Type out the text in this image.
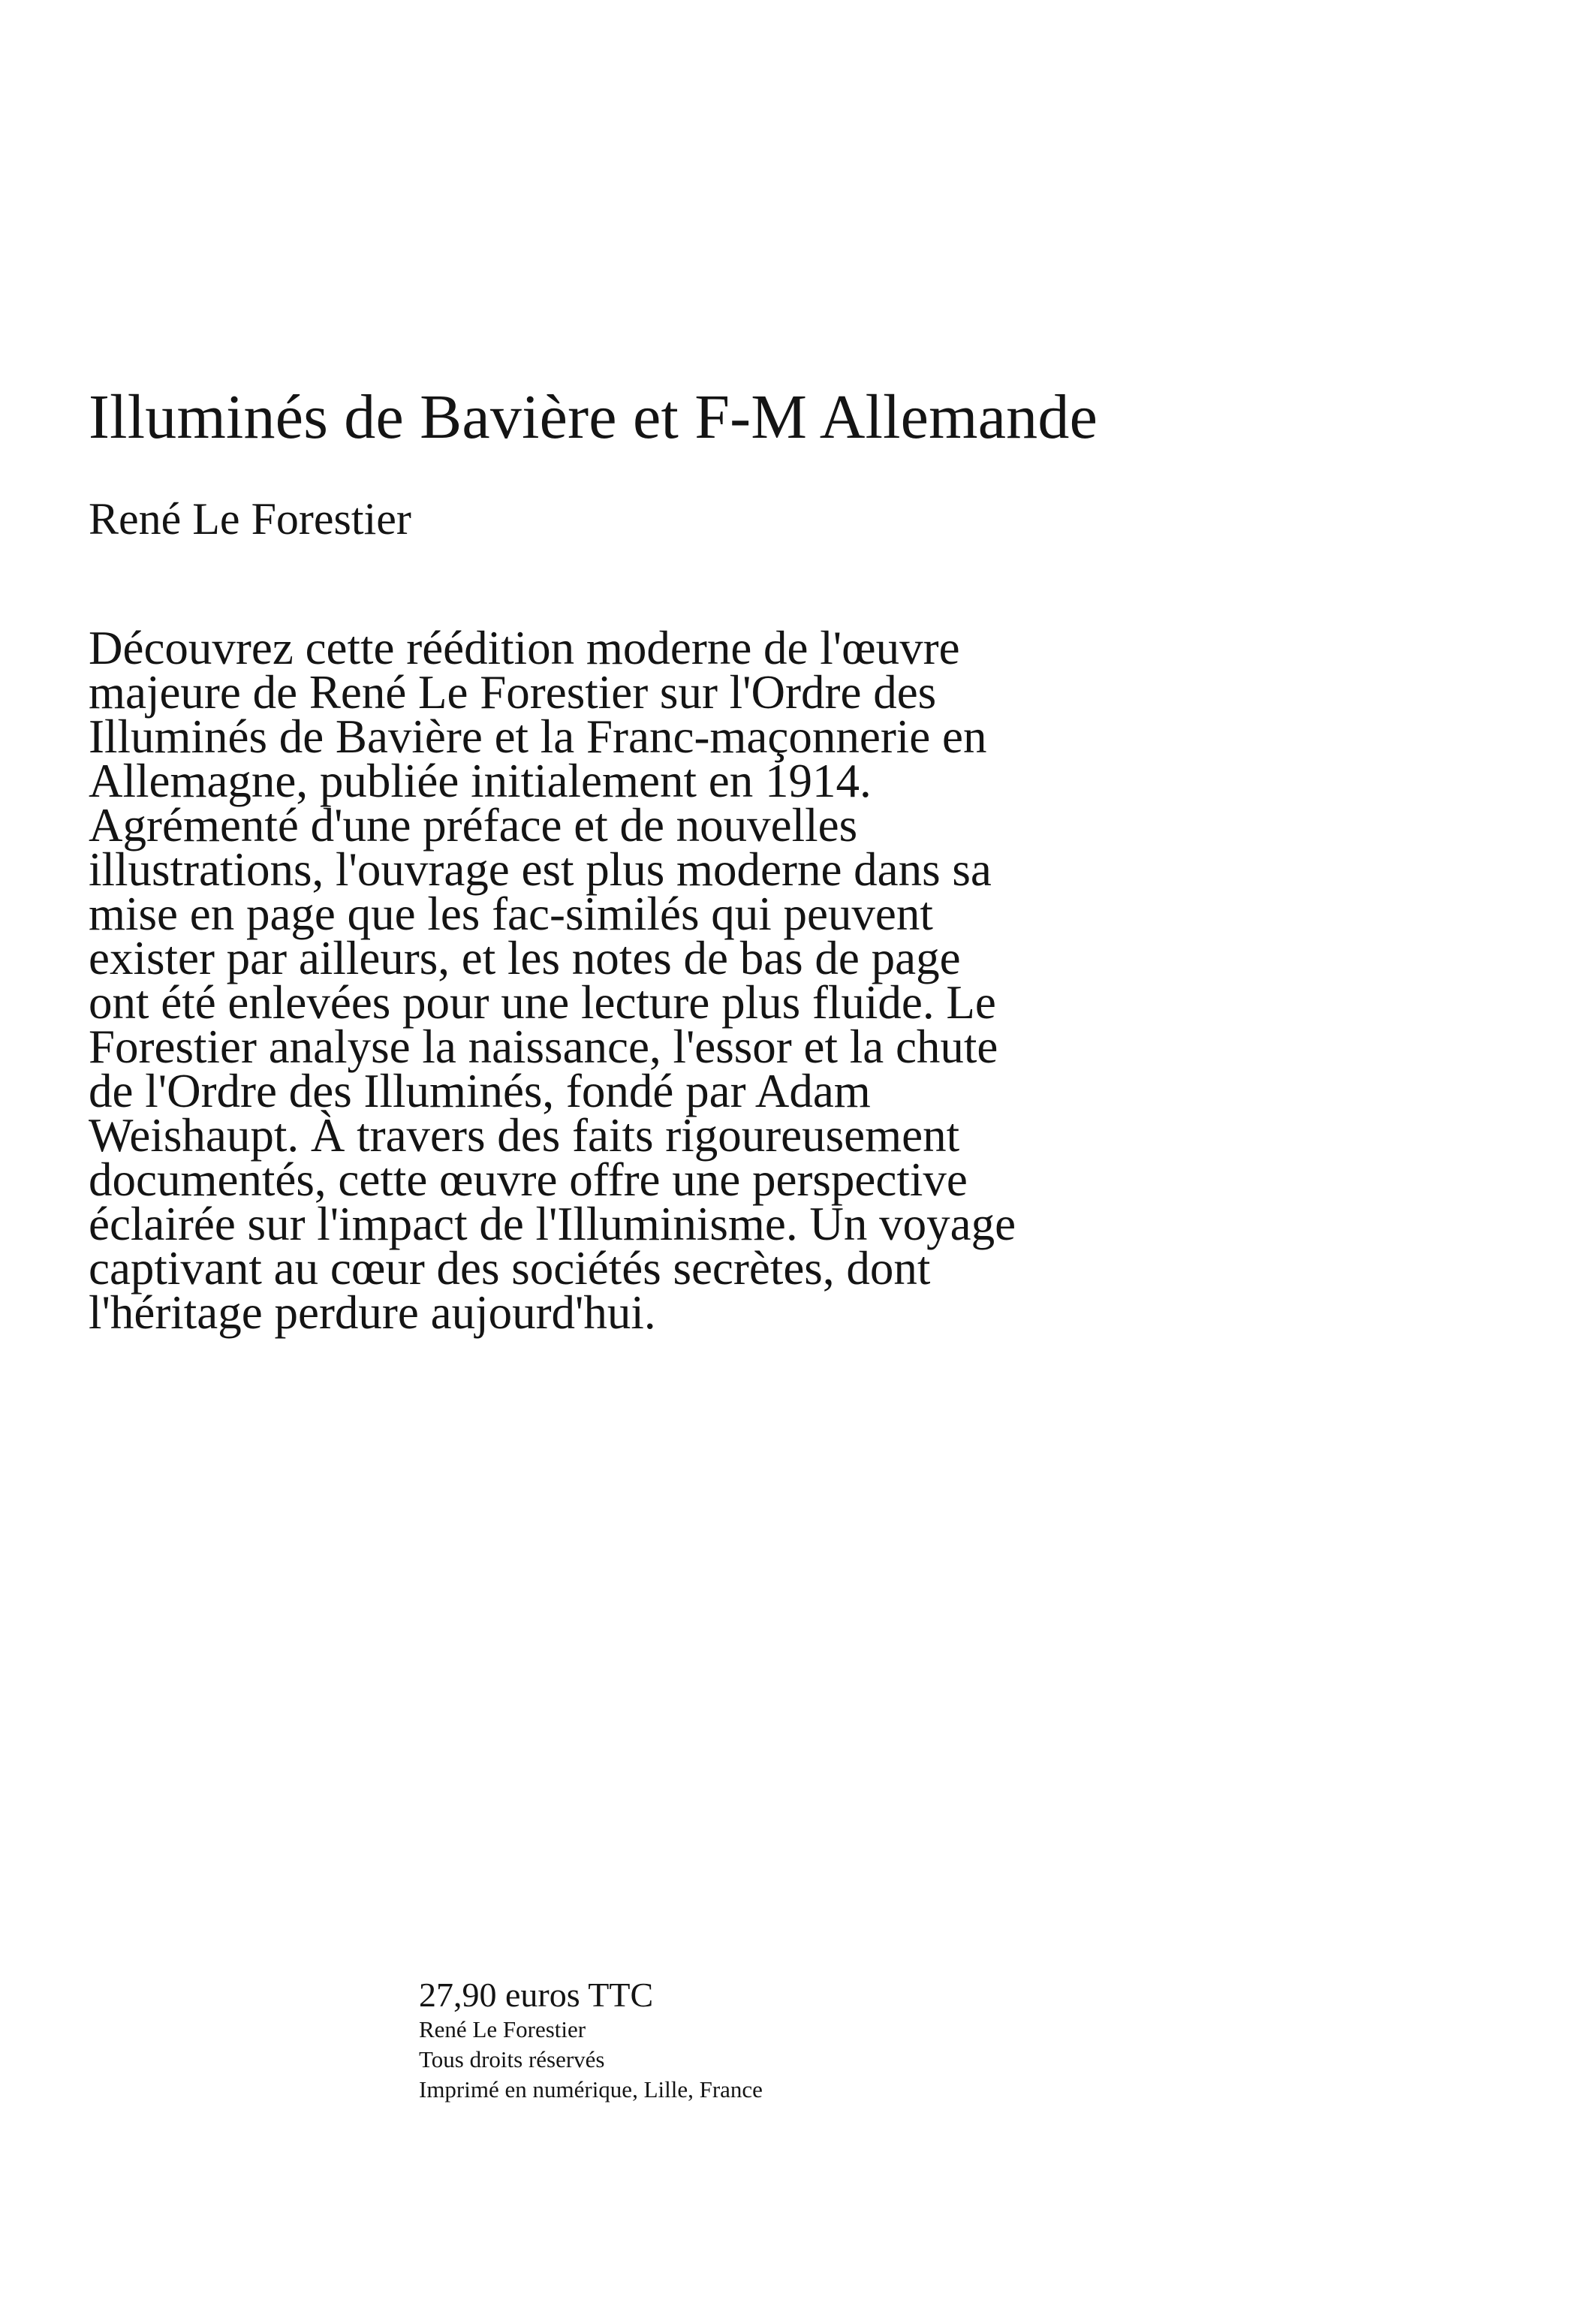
Illuminés de Bavière et F-M Allemande
René Le Forestier

Découvrez cette réédition moderne de l'œuvre
majeure de René Le Forestier sur l'Ordre des
Illuminés de Bavière et la Franc-maçonnerie en
Allemagne, publiée initialement en 1914.
Agrémenté d'une préface et de nouvelles
illustrations, l'ouvrage est plus moderne dans sa
mise en page que les fac-similés qui peuvent
exister par ailleurs, et les notes de bas de page
ont été enlevées pour une lecture plus fluide. Le
Forestier analyse la naissance, l'essor et la chute
de l'Ordre des Illuminés, fondé par Adam
Weishaupt. À travers des faits rigoureusement
documentés, cette œuvre offre une perspective
éclairée sur l'impact de l'Illuminisme. Un voyage
captivant au cœur des sociétés secrètes, dont
l'héritage perdure aujourd'hui.

27,90 euros TTC
René Le Forestier
Tous droits réservés
Imprimé en numérique, Lille, France
